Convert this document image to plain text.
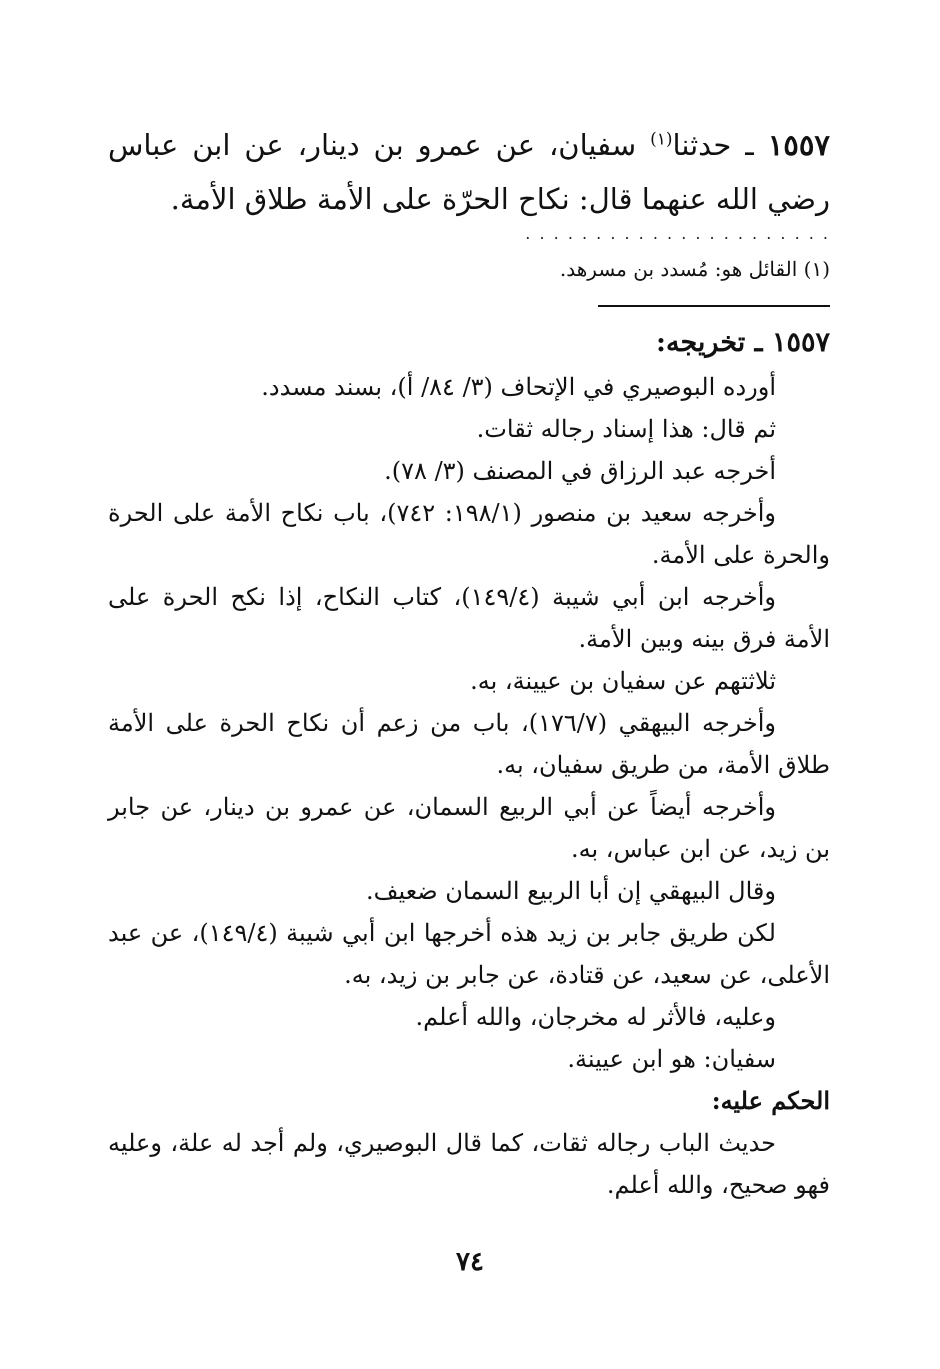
١٥٥٧ ـ حدثنا$^{(١)}$ سفيان، عن عمرو بن دينار، عن ابن عباس رضي الله عنهما قال: نكاح الحرّة على الأمة طلاق الأمة.
. . . . . . . . . . . . . . . . . . . . . .
(١) القائل هو: مُسدد بن مسرهد.
١٥٥٧ ـ تخريجه:

أورده البوصيري في الإتحاف (٣/ ٨٤/ أ)، بسند مسدد.

ثم قال: هذا إسناد رجاله ثقات.

أخرجه عبد الرزاق في المصنف (٣/ ٧٨).

وأخرجه سعيد بن منصور (١٩٨/١: ٧٤٢)، باب نكاح الأمة على الحرة والحرة على الأمة.

وأخرجه ابن أبي شيبة (١٤٩/٤)، كتاب النكاح، إذا نكح الحرة على الأمة فرق بينه وبين الأمة.

ثلاثتهم عن سفيان بن عيينة، به.

وأخرجه البيهقي (١٧٦/٧)، باب من زعم أن نكاح الحرة على الأمة طلاق الأمة، من طريق سفيان، به.

وأخرجه أيضاً عن أبي الربيع السمان، عن عمرو بن دينار، عن جابر بن زيد، عن ابن عباس، به.

وقال البيهقي إن أبا الربيع السمان ضعيف.

لكن طريق جابر بن زيد هذه أخرجها ابن أبي شيبة (١٤٩/٤)، عن عبد الأعلى، عن سعيد، عن قتادة، عن جابر بن زيد، به.

وعليه، فالأثر له مخرجان، والله أعلم.

سفيان: هو ابن عيينة.

الحكم عليه:

حديث الباب رجاله ثقات، كما قال البوصيري، ولم أجد له علة، وعليه فهو صحيح، والله أعلم.

٧٤
